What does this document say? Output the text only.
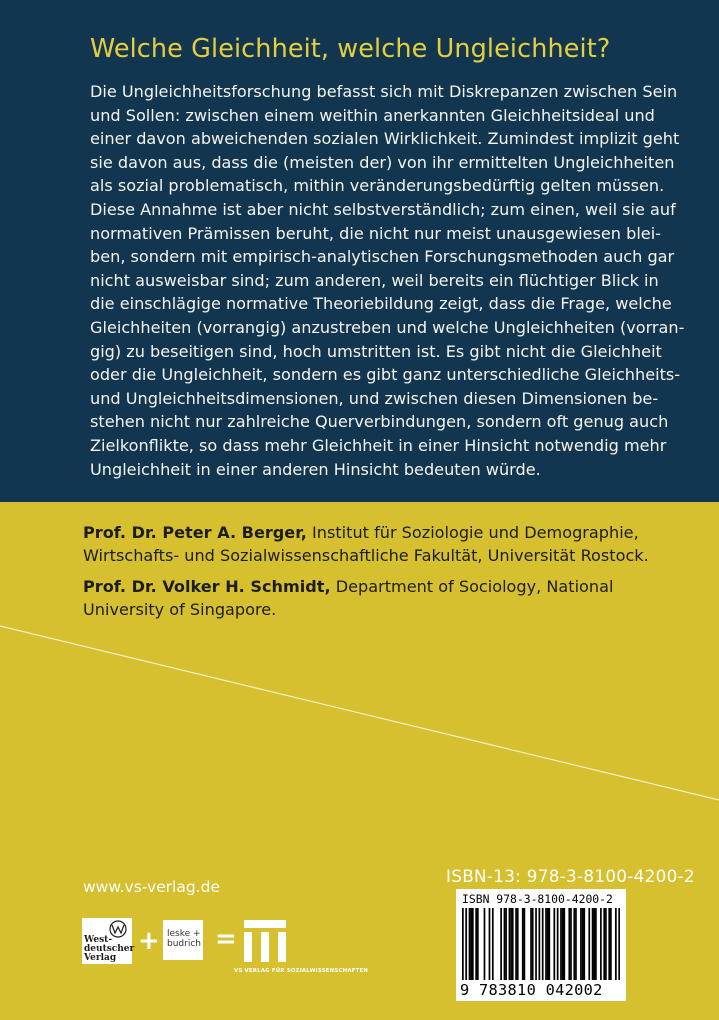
Welche Gleichheit, welche Ungleichheit?
Die Ungleichheitsforschung befasst sich mit Diskrepanzen zwischen Sein
und Sollen: zwischen einem weithin anerkannten Gleichheitsideal und
einer davon abweichenden sozialen Wirklichkeit. Zumindest implizit geht
sie davon aus, dass die (meisten der) von ihr ermittelten Ungleichheiten
als sozial problematisch, mithin veränderungsbedürftig gelten müssen.
Diese Annahme ist aber nicht selbstverständlich; zum einen, weil sie auf
normativen Prämissen beruht, die nicht nur meist unausgewiesen blei-
ben, sondern mit empirisch-analytischen Forschungsmethoden auch gar
nicht ausweisbar sind; zum anderen, weil bereits ein flüchtiger Blick in
die einschlägige normative Theoriebildung zeigt, dass die Frage, welche
Gleichheiten (vorrangig) anzustreben und welche Ungleichheiten (vorran-
gig) zu beseitigen sind, hoch umstritten ist. Es gibt nicht die Gleichheit
oder die Ungleichheit, sondern es gibt ganz unterschiedliche Gleichheits-
und Ungleichheitsdimensionen, und zwischen diesen Dimensionen be-
stehen nicht nur zahlreiche Querverbindungen, sondern oft genug auch
Zielkonflikte, so dass mehr Gleichheit in einer Hinsicht notwendig mehr
Ungleichheit in einer anderen Hinsicht bedeuten würde.

Prof. Dr. Peter A. Berger, Institut für Soziologie und Demographie,
Wirtschafts- und Sozialwissenschaftliche Fakultät, Universität Rostock.

Prof. Dr. Volker H. Schmidt, Department of Sociology, National
University of Singapore.

www.vs-verlag.de

West-
deutscher
Verlag
+ leske +
budrich =
VS VERLAG FÜR SOZIALWISSENSCHAFTEN

ISBN-13: 978-3-8100-4200-2

ISBN 978-3-8100-4200-2
9 783810 042002
